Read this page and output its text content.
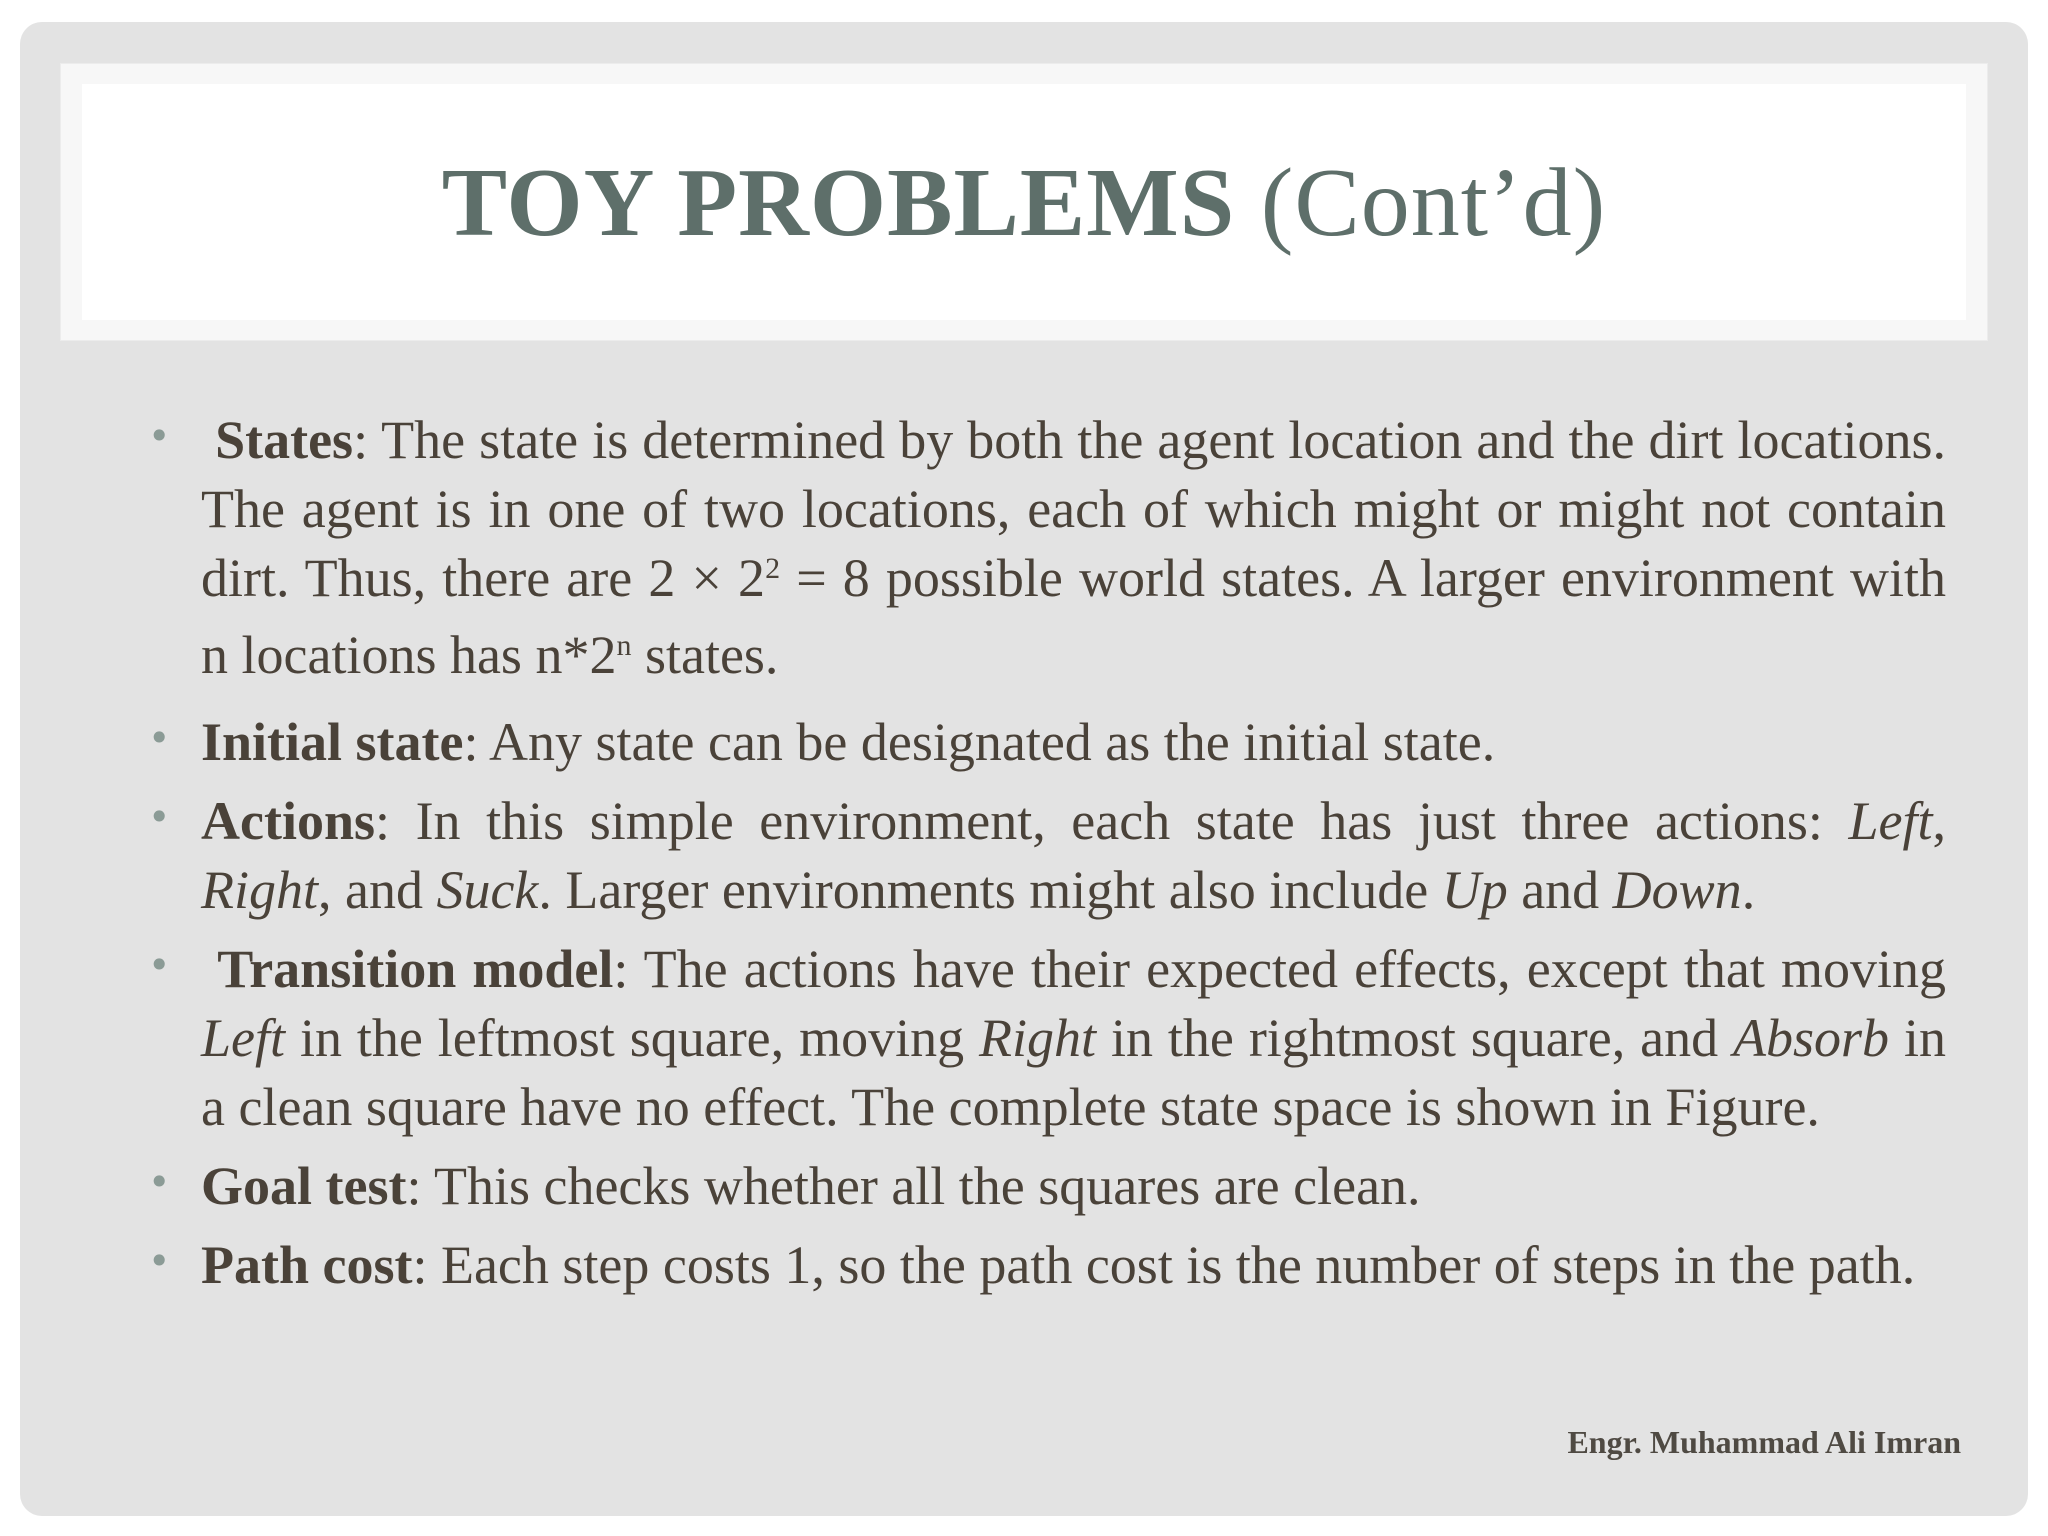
TOY PROBLEMS (Cont’d)
• States: The state is determined by both the agent location and the dirt locations. The agent is in one of two locations, each of which might or might not contain dirt. Thus, there are $2 \times 2^2 = 8$ possible world states. A larger environment with n locations has n*2$^n$ states.
• Initial state: Any state can be designated as the initial state.
• Actions: In this simple environment, each state has just three actions: Left, Right, and Suck. Larger environments might also include Up and Down.
• Transition model: The actions have their expected effects, except that moving Left in the leftmost square, moving Right in the rightmost square, and Absorb in a clean square have no effect. The complete state space is shown in Figure.
• Goal test: This checks whether all the squares are clean.
• Path cost: Each step costs 1, so the path cost is the number of steps in the path.
Engr. Muhammad Ali Imran
